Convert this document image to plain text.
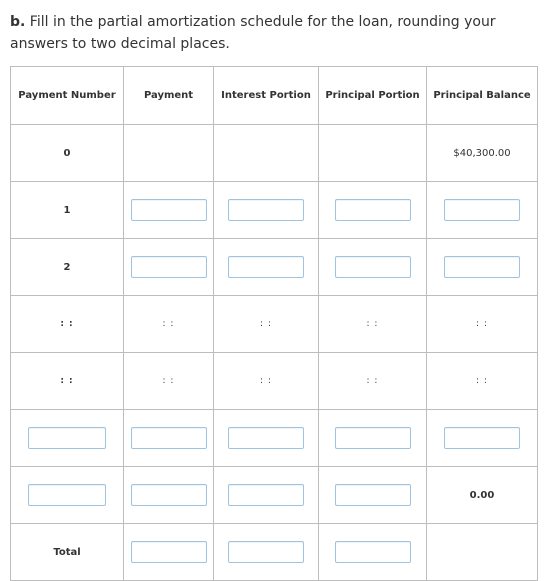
b. Fill in the partial amortization schedule for the loan, rounding your answers to two decimal places.
Payment Number	Payment	Interest Portion	Principal Portion	Principal Balance
0				$40,300.00
1				
2				
: :	: :	: :	: :	: :
: :	: :	: :	: :	: :

				0.00
Total				
